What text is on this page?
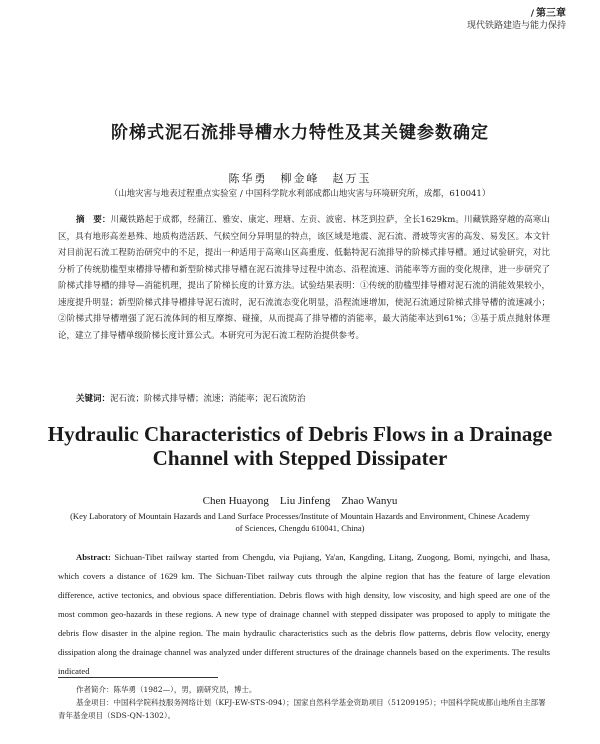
/ 第三章
现代铁路建造与能力保持
阶梯式泥石流排导槽水力特性及其关键参数确定
陈华勇　柳金峰　赵万玉
（山地灾害与地表过程重点实验室 / 中国科学院水利部成都山地灾害与环境研究所，成都，610041）

摘　要：川藏铁路起于成都，经蒲江、雅安、康定、理塘、左贡、波密、林芝到拉萨，全长1629km。川藏铁路穿越的高寒山区，具有地形高差悬殊、地质构造活跃、气候空间分异明显的特点，该区域是地震、泥石流、滑坡等灾害的高发、易发区。本文针对目前泥石流工程防治研究中的不足，提出一种适用于高寒山区高重度、低黏特泥石流排导的阶梯式排导槽。通过试验研究，对比分析了传统肋槛型束槽排导槽和新型阶梯式排导槽在泥石流排导过程中流态、沿程流速、消能率等方面的变化规律，进一步研究了阶梯式排导槽的排导—消能机理，提出了阶梯长度的计算方法。试验结果表明：①传统的肋槛型排导槽对泥石流的消能效果较小，速度提升明显；新型阶梯式排导槽排导泥石流时，泥石流流态变化明显，沿程流速增加，使泥石流通过阶梯式排导槽的流速减小；②阶梯式排导槽增强了泥石流体间的相互摩擦、碰撞，从而提高了排导槽的消能率，最大消能率达到61%；③基于质点抛射体理论，建立了排导槽单级阶梯长度计算公式。本研究可为泥石流工程防治提供参考。

关键词：泥石流；阶梯式排导槽；流速；消能率；泥石流防治

Hydraulic Characteristics of Debris Flows in a Drainage
Channel with Stepped Dissipater
Chen Huayong　Liu Jinfeng　Zhao Wanyu
(Key Laboratory of Mountain Hazards and Land Surface Processes/Institute of Mountain Hazards and Environment, Chinese Academy of Sciences, Chengdu 610041, China)

Abstract: Sichuan-Tibet railway started from Chengdu, via Pujiang, Ya'an, Kangding, Litang, Zuogong, Bomi, nyingchi, and lhasa, which covers a distance of 1629 km. The Sichuan-Tibet railway cuts through the alpine region that has the feature of large elevation difference, active tectonics, and obvious space differentiation. Debris flows with high density, low viscosity, and high speed are one of the most common geo-hazards in these regions. A new type of drainage channel with stepped dissipater was proposed to apply to mitigate the debris flow disaster in the alpine region. The main hydraulic characteristics such as the debris flow patterns, debris flow velocity, energy dissipation along the drainage channel was analyzed under different structures of the drainage channels based on the experiments. The results indicated

作者简介：陈华勇（1982—），男，副研究员，博士。

基金项目：中国科学院科技服务网络计划（KFJ-EW-STS-094）；国家自然科学基金资助项目（51209195）；中国科学院成都山地所自主部署青年基金项目（SDS-QN-1302）。
